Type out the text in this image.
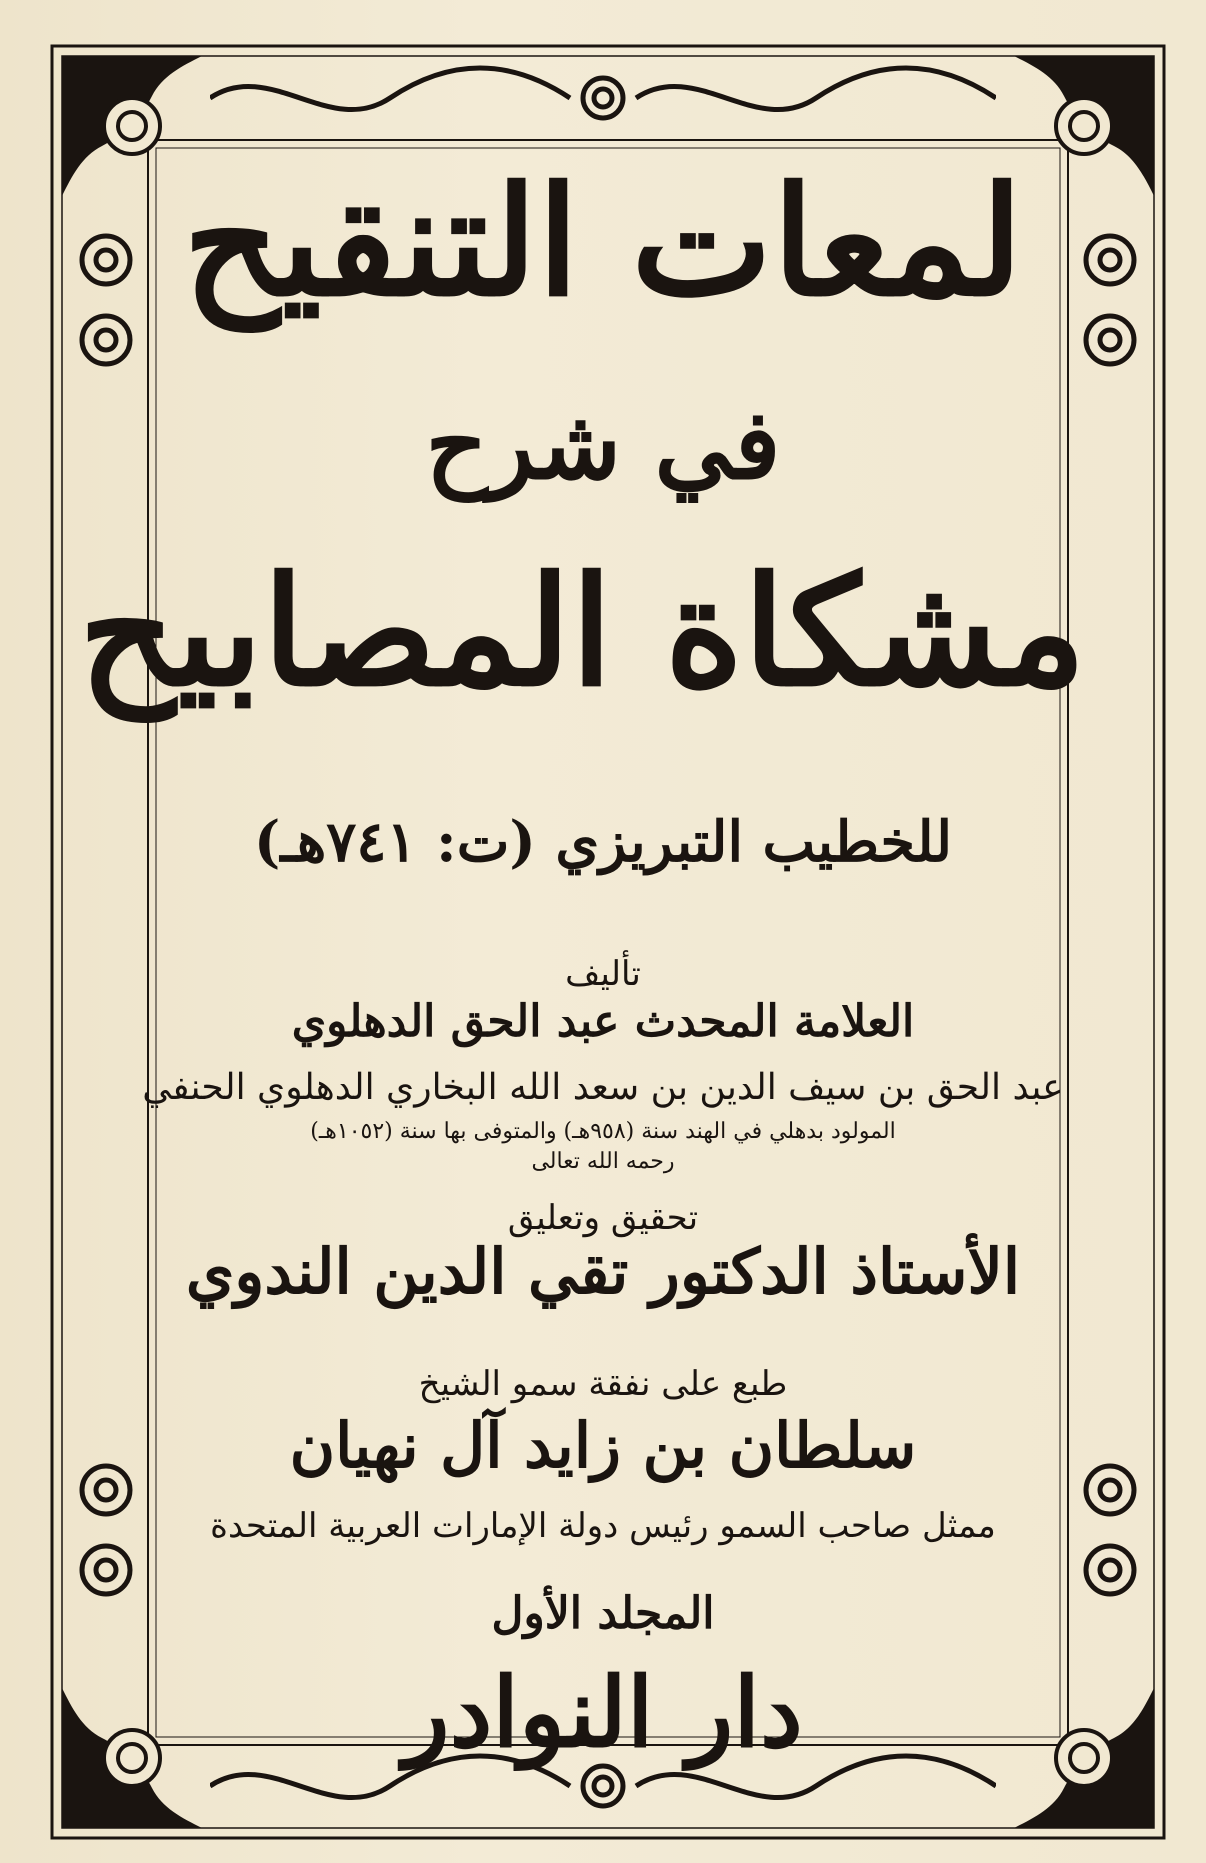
لمعات التنقيح
في شرح
مشكاة المصابيح
للخطيب التبريزي (ت: ٧٤١هـ)
تأليف
العلامة المحدث عبد الحق الدهلوي
عبد الحق بن سيف الدين بن سعد الله البخاري الدهلوي الحنفي
المولود بدهلي في الهند سنة (٩٥٨هـ) والمتوفى بها سنة (١٠٥٢هـ)
رحمه الله تعالى
تحقيق وتعليق
الأستاذ الدكتور تقي الدين الندوي
طبع على نفقة سمو الشيخ
سلطان بن زايد آل نهيان
ممثل صاحب السمو رئيس دولة الإمارات العربية المتحدة
المجلد الأول
دار النوادر
